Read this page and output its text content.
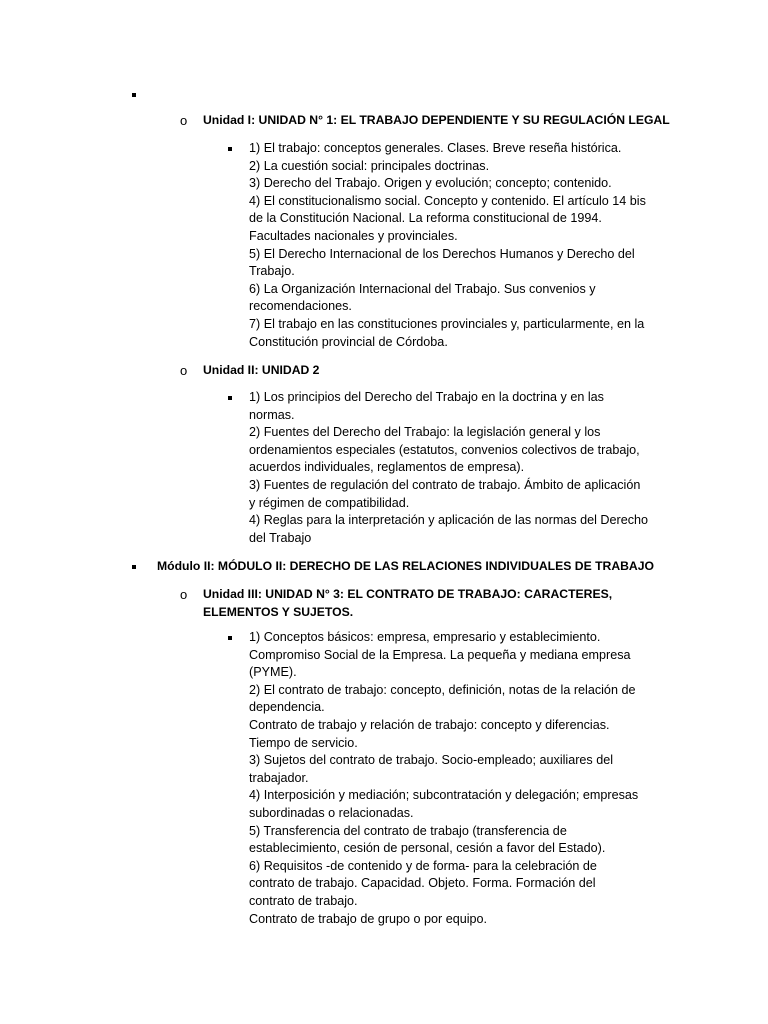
o Unidad I: UNIDAD N° 1: EL TRABAJO DEPENDIENTE Y SU REGULACIÓN LEGAL
1) El trabajo: conceptos generales. Clases. Breve reseña histórica.
2) La cuestión social: principales doctrinas.
3) Derecho del Trabajo. Origen y evolución; concepto; contenido.
4) El constitucionalismo social. Concepto y contenido. El artículo 14 bis
de la Constitución Nacional. La reforma constitucional de 1994.
Facultades nacionales y provinciales.
5) El Derecho Internacional de los Derechos Humanos y Derecho del
Trabajo.
6) La Organización Internacional del Trabajo. Sus convenios y
recomendaciones.
7) El trabajo en las constituciones provinciales y, particularmente, en la
Constitución provincial de Córdoba.
o Unidad II: UNIDAD 2
1) Los principios del Derecho del Trabajo en la doctrina y en las
normas.
2) Fuentes del Derecho del Trabajo: la legislación general y los
ordenamientos especiales (estatutos, convenios colectivos de trabajo,
acuerdos individuales, reglamentos de empresa).
3) Fuentes de regulación del contrato de trabajo. Ámbito de aplicación
y régimen de compatibilidad.
4) Reglas para la interpretación y aplicación de las normas del Derecho
del Trabajo
Módulo II: MÓDULO II: DERECHO DE LAS RELACIONES INDIVIDUALES DE TRABAJO
o Unidad III: UNIDAD N° 3: EL CONTRATO DE TRABAJO: CARACTERES,
ELEMENTOS Y SUJETOS.
1) Conceptos básicos: empresa, empresario y establecimiento.
Compromiso Social de la Empresa. La pequeña y mediana empresa
(PYME).
2) El contrato de trabajo: concepto, definición, notas de la relación de
dependencia.
Contrato de trabajo y relación de trabajo: concepto y diferencias.
Tiempo de servicio.
3) Sujetos del contrato de trabajo. Socio-empleado; auxiliares del
trabajador.
4) Interposición y mediación; subcontratación y delegación; empresas
subordinadas o relacionadas.
5) Transferencia del contrato de trabajo (transferencia de
establecimiento, cesión de personal, cesión a favor del Estado).
6) Requisitos -de contenido y de forma- para la celebración de
contrato de trabajo. Capacidad. Objeto. Forma. Formación del
contrato de trabajo.
Contrato de trabajo de grupo o por equipo.
